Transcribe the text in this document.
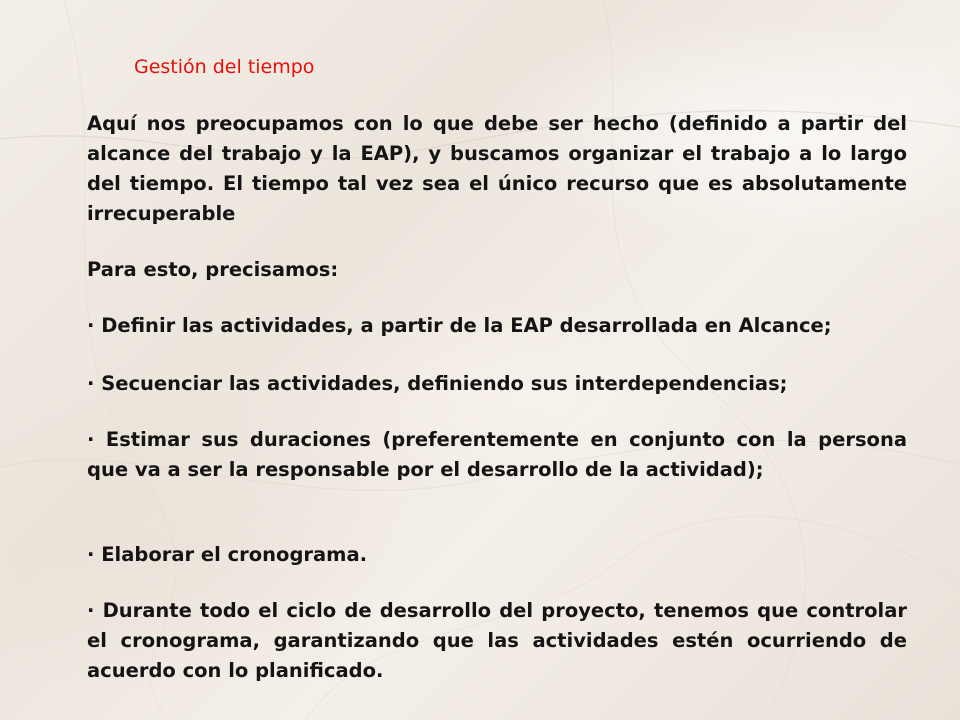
Gestión del tiempo

Aquí nos preocupamos con lo que debe ser hecho (definido a partir del alcance del trabajo y la EAP), y buscamos organizar el trabajo a lo largo del tiempo. El tiempo tal vez sea el único recurso que es absolutamente irrecuperable

Para esto, precisamos:

· Definir las actividades, a partir de la EAP desarrollada en Alcance;

· Secuenciar las actividades, definiendo sus interdependencias;

· Estimar sus duraciones (preferentemente en conjunto con la persona que va a ser la responsable por el desarrollo de la actividad);

· Elaborar el cronograma.

· Durante todo el ciclo de desarrollo del proyecto, tenemos que controlar el cronograma, garantizando que las actividades estén ocurriendo de acuerdo con lo planificado.
